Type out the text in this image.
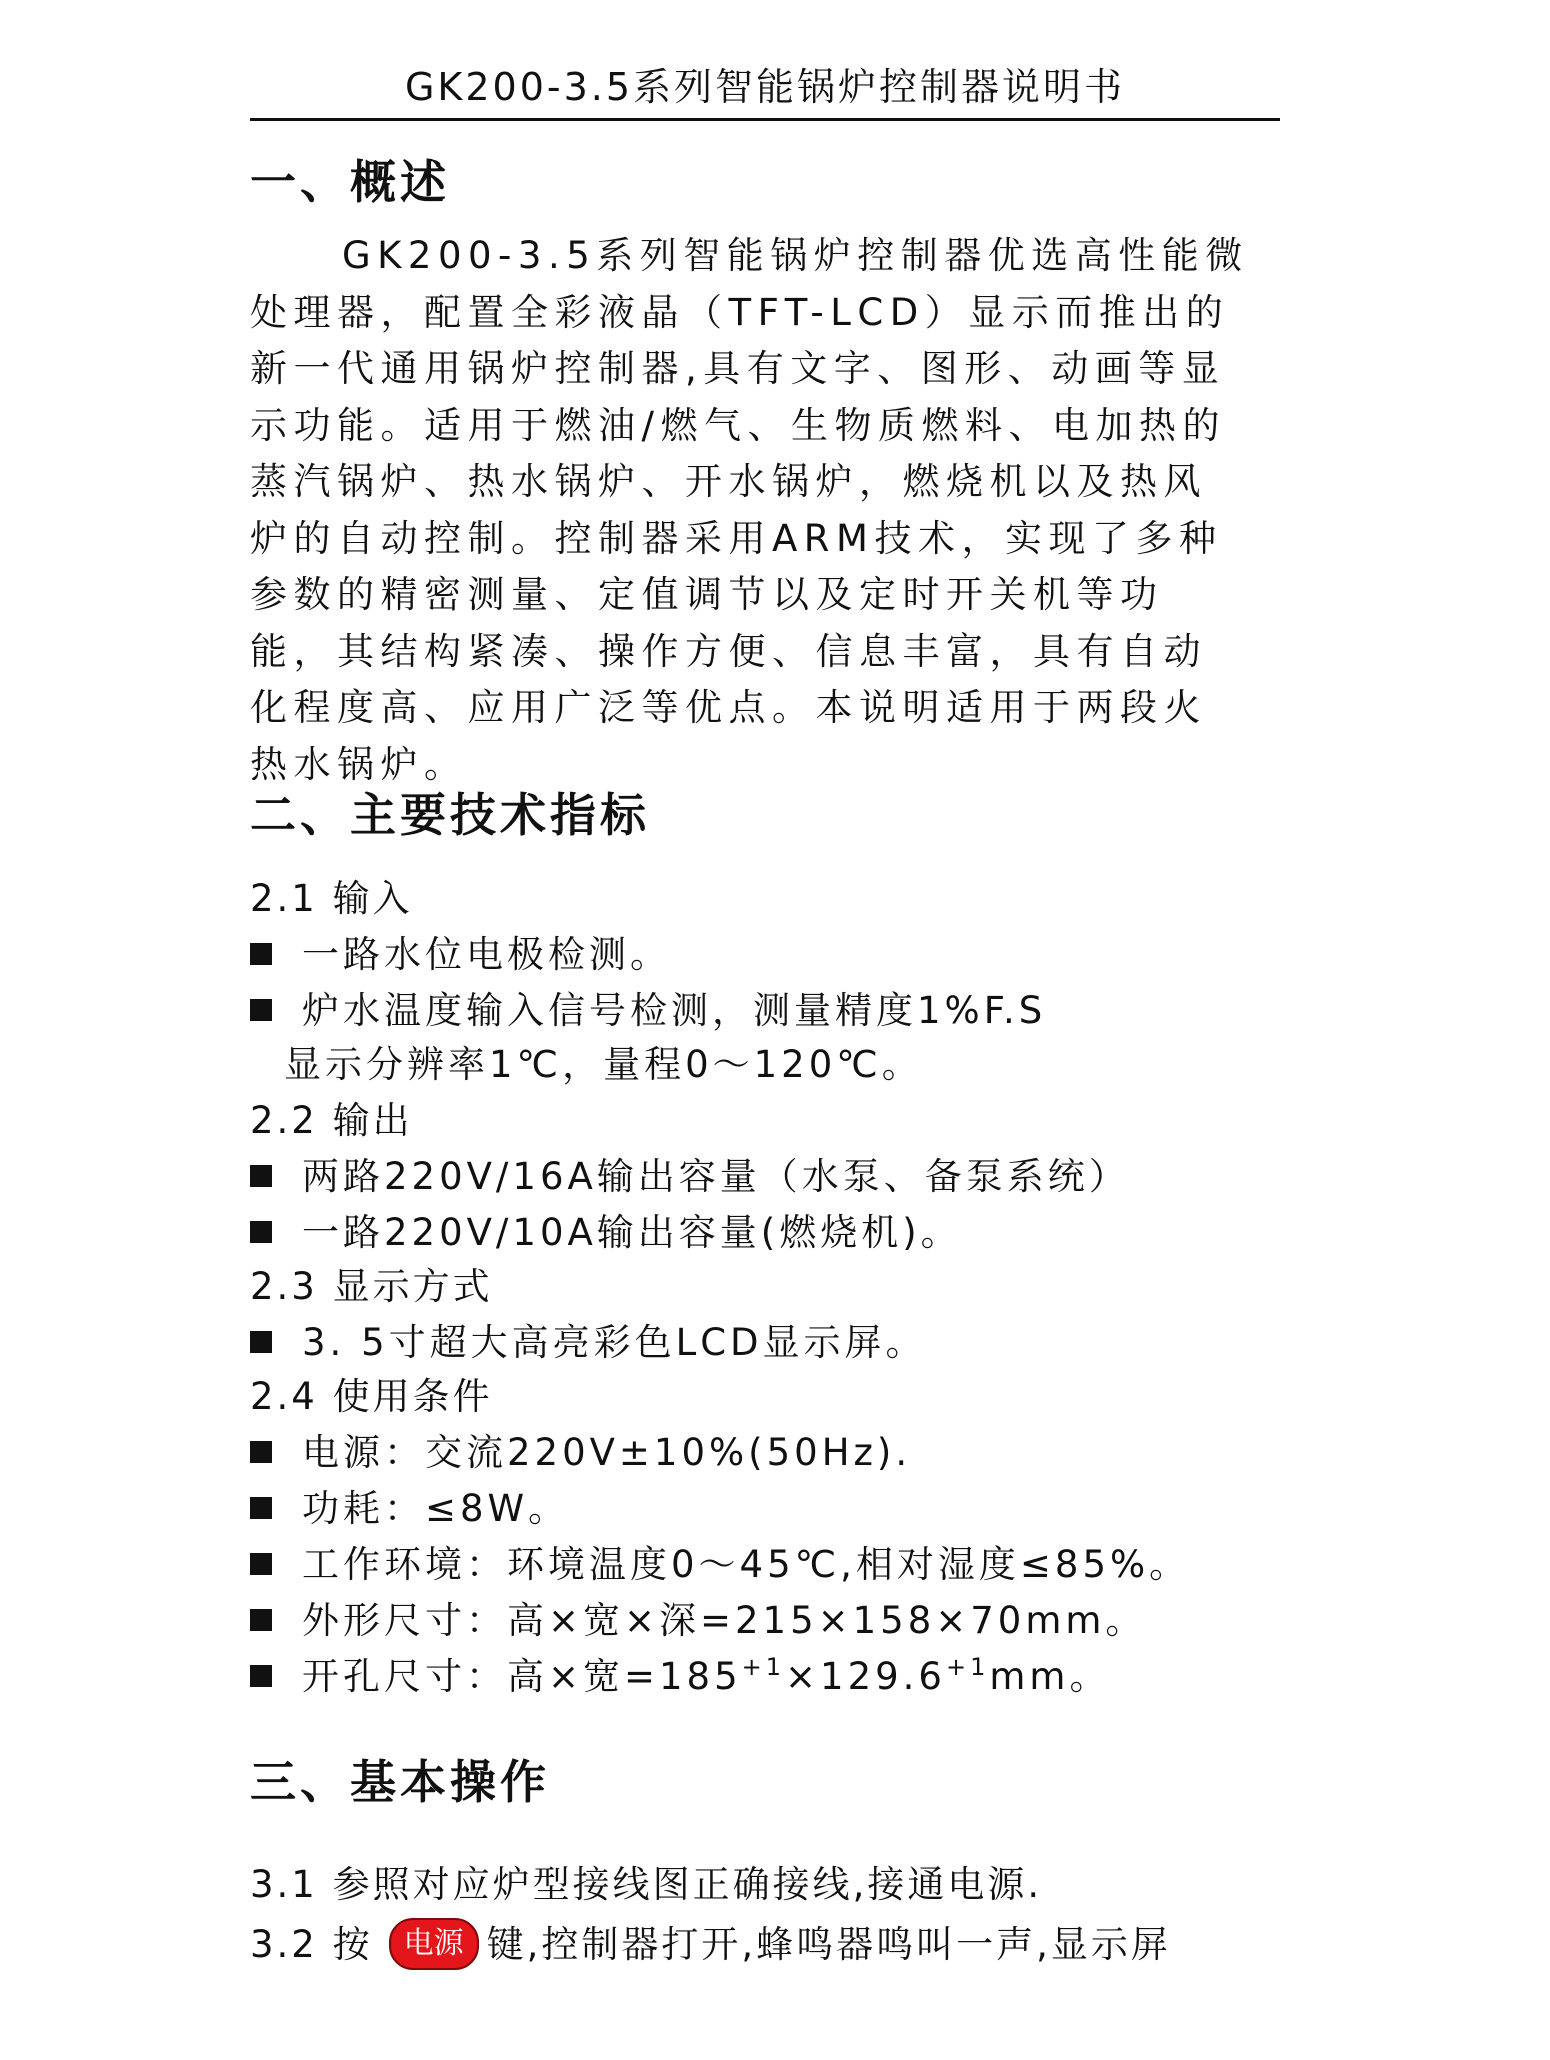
GK200-3.5系列智能锅炉控制器说明书
一、概述
GK200-3.5系列智能锅炉控制器优选高性能微
处理器，配置全彩液晶（TFT-LCD）显示而推出的
新一代通用锅炉控制器,具有文字、图形、动画等显
示功能。适用于燃油/燃气、生物质燃料、电加热的
蒸汽锅炉、热水锅炉、开水锅炉，燃烧机以及热风
炉的自动控制。控制器采用ARM技术，实现了多种
参数的精密测量、定值调节以及定时开关机等功
能，其结构紧凑、操作方便、信息丰富，具有自动
化程度高、应用广泛等优点。本说明适用于两段火
热水锅炉。
二、主要技术指标
2.1 输入
一路水位电极检测。
炉水温度输入信号检测，测量精度1%F.S
显示分辨率1℃，量程0～120℃。
2.2 输出
两路220V/16A输出容量（水泵、备泵系统）
一路220V/10A输出容量(燃烧机)。
2.3 显示方式
3. 5寸超大高亮彩色LCD显示屏。
2.4 使用条件
电源：交流220V±10%(50Hz).
功耗：≤8W。
工作环境：环境温度0～45℃,相对湿度≤85%。
外形尺寸：高×宽×深=215×158×70mm。
开孔尺寸：高×宽$=185^{+1}\times 129.6^{+1}mm$。
三、基本操作
3.1 参照对应炉型接线图正确接线,接通电源.
3.2 按 电源 键,控制器打开,蜂鸣器鸣叫一声,显示屏
